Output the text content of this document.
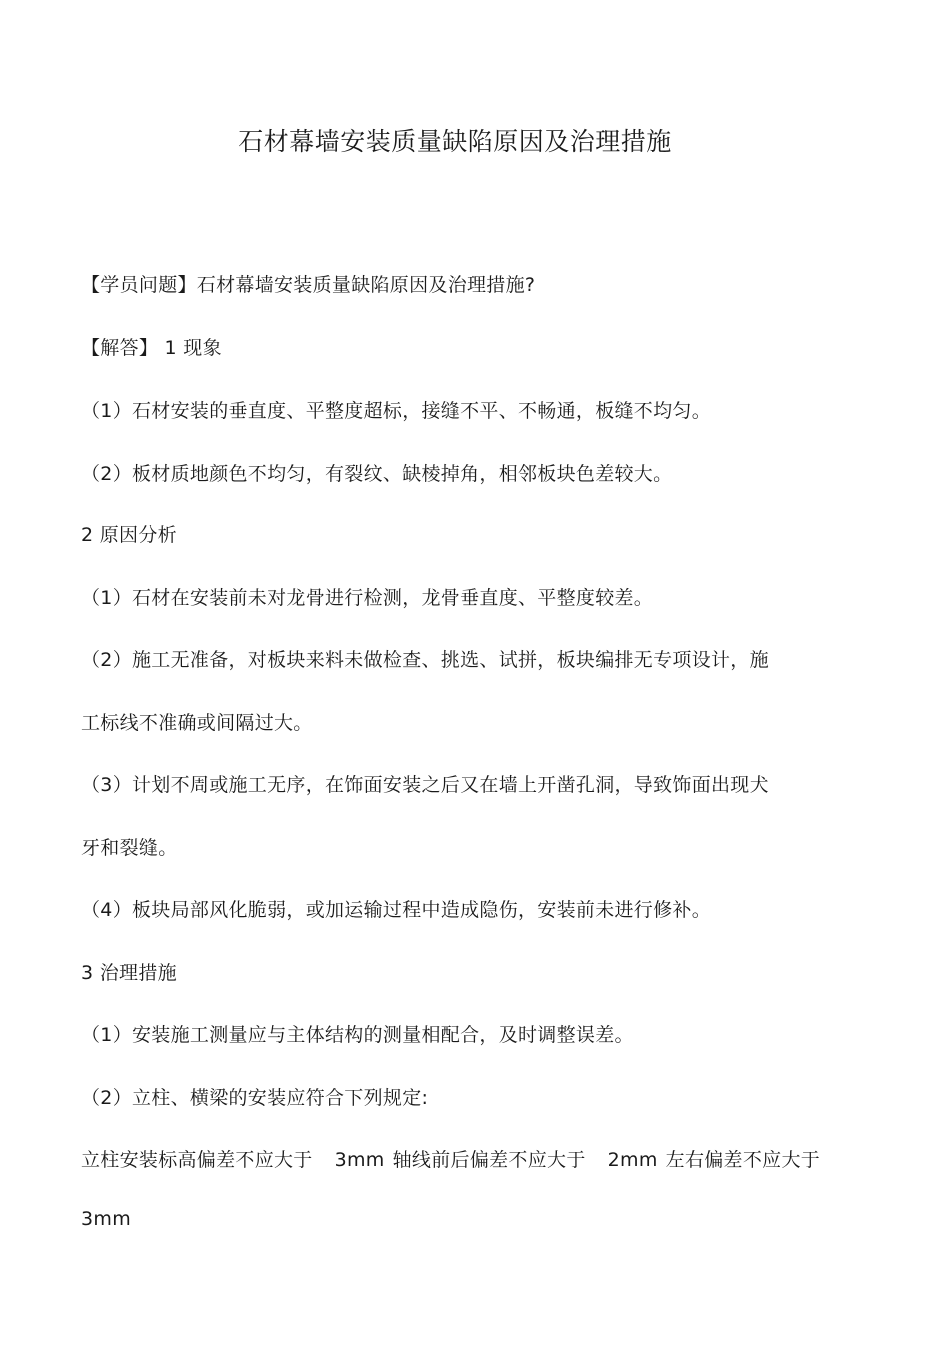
石材幕墙安装质量缺陷原因及治理措施
【学员问题】石材幕墙安装质量缺陷原因及治理措施?
【解答】 1 现象
（1）石材安装的垂直度、平整度超标，接缝不平、不畅通，板缝不均匀。
（2）板材质地颜色不均匀，有裂纹、缺棱掉角，相邻板块色差较大。
2 原因分析
（1）石材在安装前未对龙骨进行检测，龙骨垂直度、平整度较差。
（2）施工无准备，对板块来料未做检查、挑选、试拼，板块编排无专项设计，施
工标线不准确或间隔过大。
（3）计划不周或施工无序，在饰面安装之后又在墙上开凿孔洞，导致饰面出现犬
牙和裂缝。
（4）板块局部风化脆弱，或加运输过程中造成隐伤，安装前未进行修补。
3 治理措施
（1）安装施工测量应与主体结构的测量相配合，及时调整误差。
（2）立柱、横梁的安装应符合下列规定:
立柱安装标高偏差不应大于 3mm 轴线前后偏差不应大于 2mm 左右偏差不应大于
3mm
